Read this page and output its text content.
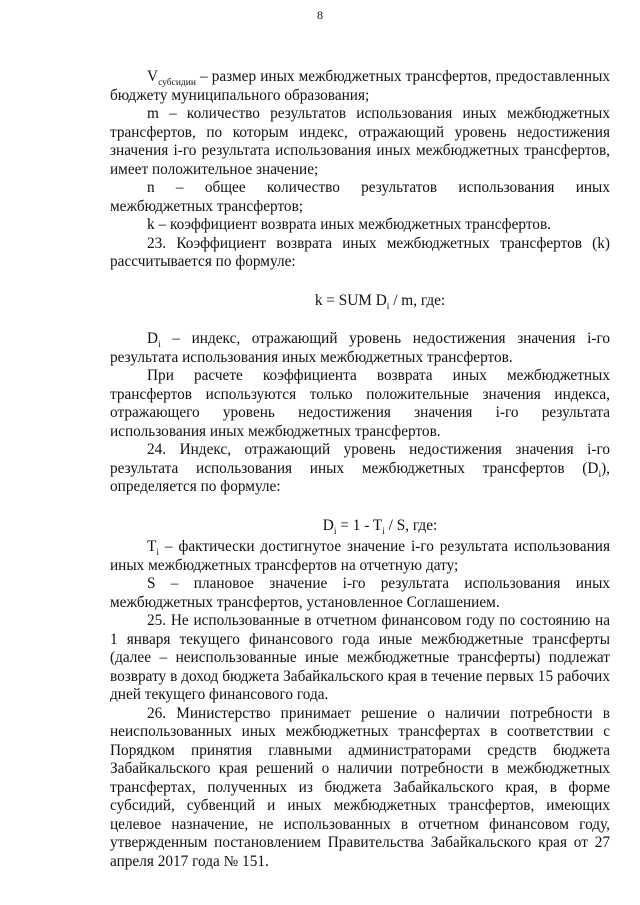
8

$V_{субсидии}$ – размер иных межбюджетных трансфертов, предоставленных бюджету муниципального образования;

m – количество результатов использования иных межбюджетных трансфертов, по которым индекс, отражающий уровень недостижения значения i-го результата использования иных межбюджетных трансфертов, имеет положительное значение;

n – общее количество результатов использования иных межбюджетных трансфертов;

k – коэффициент возврата иных межбюджетных трансфертов.

23. Коэффициент возврата иных межбюджетных трансфертов (k) рассчитывается по формуле:

k = SUM $D_i$ / m, где:

$D_i$ – индекс, отражающий уровень недостижения значения i-го результата использования иных межбюджетных трансфертов.

При расчете коэффициента возврата иных межбюджетных трансфертов используются только положительные значения индекса, отражающего уровень недостижения значения i-го результата использования иных межбюджетных трансфертов.

24. Индекс, отражающий уровень недостижения значения i-го результата использования иных межбюджетных трансфертов $(D_i)$, определяется по формуле:

$D_i = 1 - T_i / S$, где:

$T_i$ – фактически достигнутое значение i-го результата использования иных межбюджетных трансфертов на отчетную дату;

S – плановое значение i-го результата использования иных межбюджетных трансфертов, установленное Соглашением.

25. Не использованные в отчетном финансовом году по состоянию на 1 января текущего финансового года иные межбюджетные трансферты (далее – неиспользованные иные межбюджетные трансферты) подлежат возврату в доход бюджета Забайкальского края в течение первых 15 рабочих дней текущего финансового года.

26. Министерство принимает решение о наличии потребности в неиспользованных иных межбюджетных трансфертах в соответствии с Порядком принятия главными администраторами средств бюджета Забайкальского края решений о наличии потребности в межбюджетных трансфертах, полученных из бюджета Забайкальского края, в форме субсидий, субвенций и иных межбюджетных трансфертов, имеющих целевое назначение, не использованных в отчетном финансовом году, утвержденным постановлением Правительства Забайкальского края от 27 апреля 2017 года № 151.
